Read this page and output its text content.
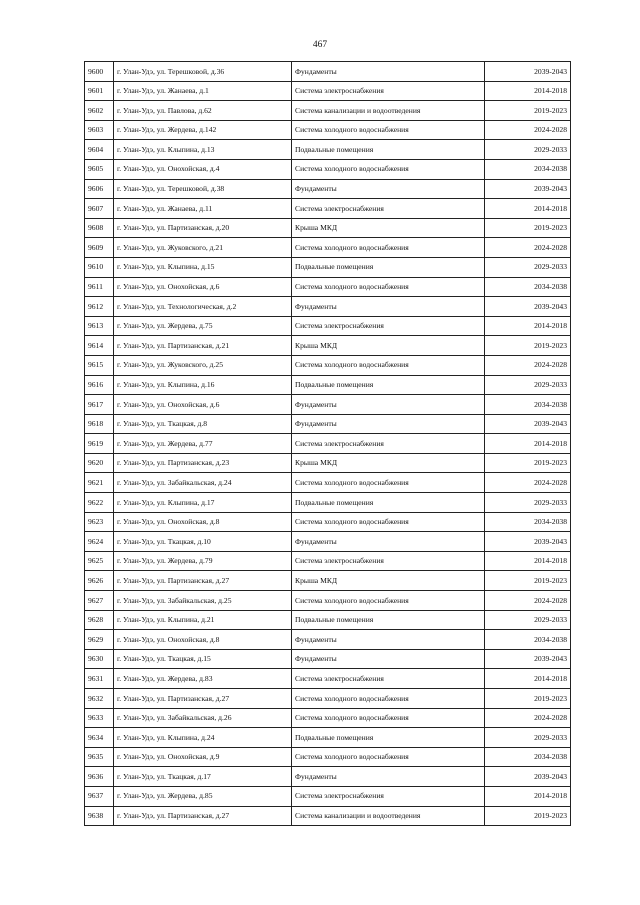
467
9600	г. Улан-Удэ, ул. Терешковой, д.36	Фундаменты	2039-2043
9601	г. Улан-Удэ, ул. Жанаева, д.1	Система электроснабжения	2014-2018
9602	г. Улан-Удэ, ул. Павлова, д.62	Система канализации и водоотведения	2019-2023
9603	г. Улан-Удэ, ул. Жердева, д.142	Система холодного водоснабжения	2024-2028
9604	г. Улан-Удэ, ул. Клыпина, д.13	Подвальные помещения	2029-2033
9605	г. Улан-Удэ, ул. Онохойская, д.4	Система холодного водоснабжения	2034-2038
9606	г. Улан-Удэ, ул. Терешковой, д.38	Фундаменты	2039-2043
9607	г. Улан-Удэ, ул. Жанаева, д.11	Система электроснабжения	2014-2018
9608	г. Улан-Удэ, ул. Партизанская, д.20	Крыша МКД	2019-2023
9609	г. Улан-Удэ, ул. Жуковского, д.21	Система холодного водоснабжения	2024-2028
9610	г. Улан-Удэ, ул. Клыпина, д.15	Подвальные помещения	2029-2033
9611	г. Улан-Удэ, ул. Онохойская, д.6	Система холодного водоснабжения	2034-2038
9612	г. Улан-Удэ, ул. Технологическая, д.2	Фундаменты	2039-2043
9613	г. Улан-Удэ, ул. Жердева, д.75	Система электроснабжения	2014-2018
9614	г. Улан-Удэ, ул. Партизанская, д.21	Крыша МКД	2019-2023
9615	г. Улан-Удэ, ул. Жуковского, д.25	Система холодного водоснабжения	2024-2028
9616	г. Улан-Удэ, ул. Клыпина, д.16	Подвальные помещения	2029-2033
9617	г. Улан-Удэ, ул. Онохойская, д.6	Фундаменты	2034-2038
9618	г. Улан-Удэ, ул. Ткацкая, д.8	Фундаменты	2039-2043
9619	г. Улан-Удэ, ул. Жердева, д.77	Система электроснабжения	2014-2018
9620	г. Улан-Удэ, ул. Партизанская, д.23	Крыша МКД	2019-2023
9621	г. Улан-Удэ, ул. Забайкальская, д.24	Система холодного водоснабжения	2024-2028
9622	г. Улан-Удэ, ул. Клыпина, д.17	Подвальные помещения	2029-2033
9623	г. Улан-Удэ, ул. Онохойская, д.8	Система холодного водоснабжения	2034-2038
9624	г. Улан-Удэ, ул. Ткацкая, д.10	Фундаменты	2039-2043
9625	г. Улан-Удэ, ул. Жердева, д.79	Система электроснабжения	2014-2018
9626	г. Улан-Удэ, ул. Партизанская, д.27	Крыша МКД	2019-2023
9627	г. Улан-Удэ, ул. Забайкальская, д.25	Система холодного водоснабжения	2024-2028
9628	г. Улан-Удэ, ул. Клыпина, д.21	Подвальные помещения	2029-2033
9629	г. Улан-Удэ, ул. Онохойская, д.8	Фундаменты	2034-2038
9630	г. Улан-Удэ, ул. Ткацкая, д.15	Фундаменты	2039-2043
9631	г. Улан-Удэ, ул. Жердева, д.83	Система электроснабжения	2014-2018
9632	г. Улан-Удэ, ул. Партизанская, д.27	Система холодного водоснабжения	2019-2023
9633	г. Улан-Удэ, ул. Забайкальская, д.26	Система холодного водоснабжения	2024-2028
9634	г. Улан-Удэ, ул. Клыпина, д.24	Подвальные помещения	2029-2033
9635	г. Улан-Удэ, ул. Онохойская, д.9	Система холодного водоснабжения	2034-2038
9636	г. Улан-Удэ, ул. Ткацкая, д.17	Фундаменты	2039-2043
9637	г. Улан-Удэ, ул. Жердева, д.85	Система электроснабжения	2014-2018
9638	г. Улан-Удэ, ул. Партизанская, д.27	Система канализации и водоотведения	2019-2023
